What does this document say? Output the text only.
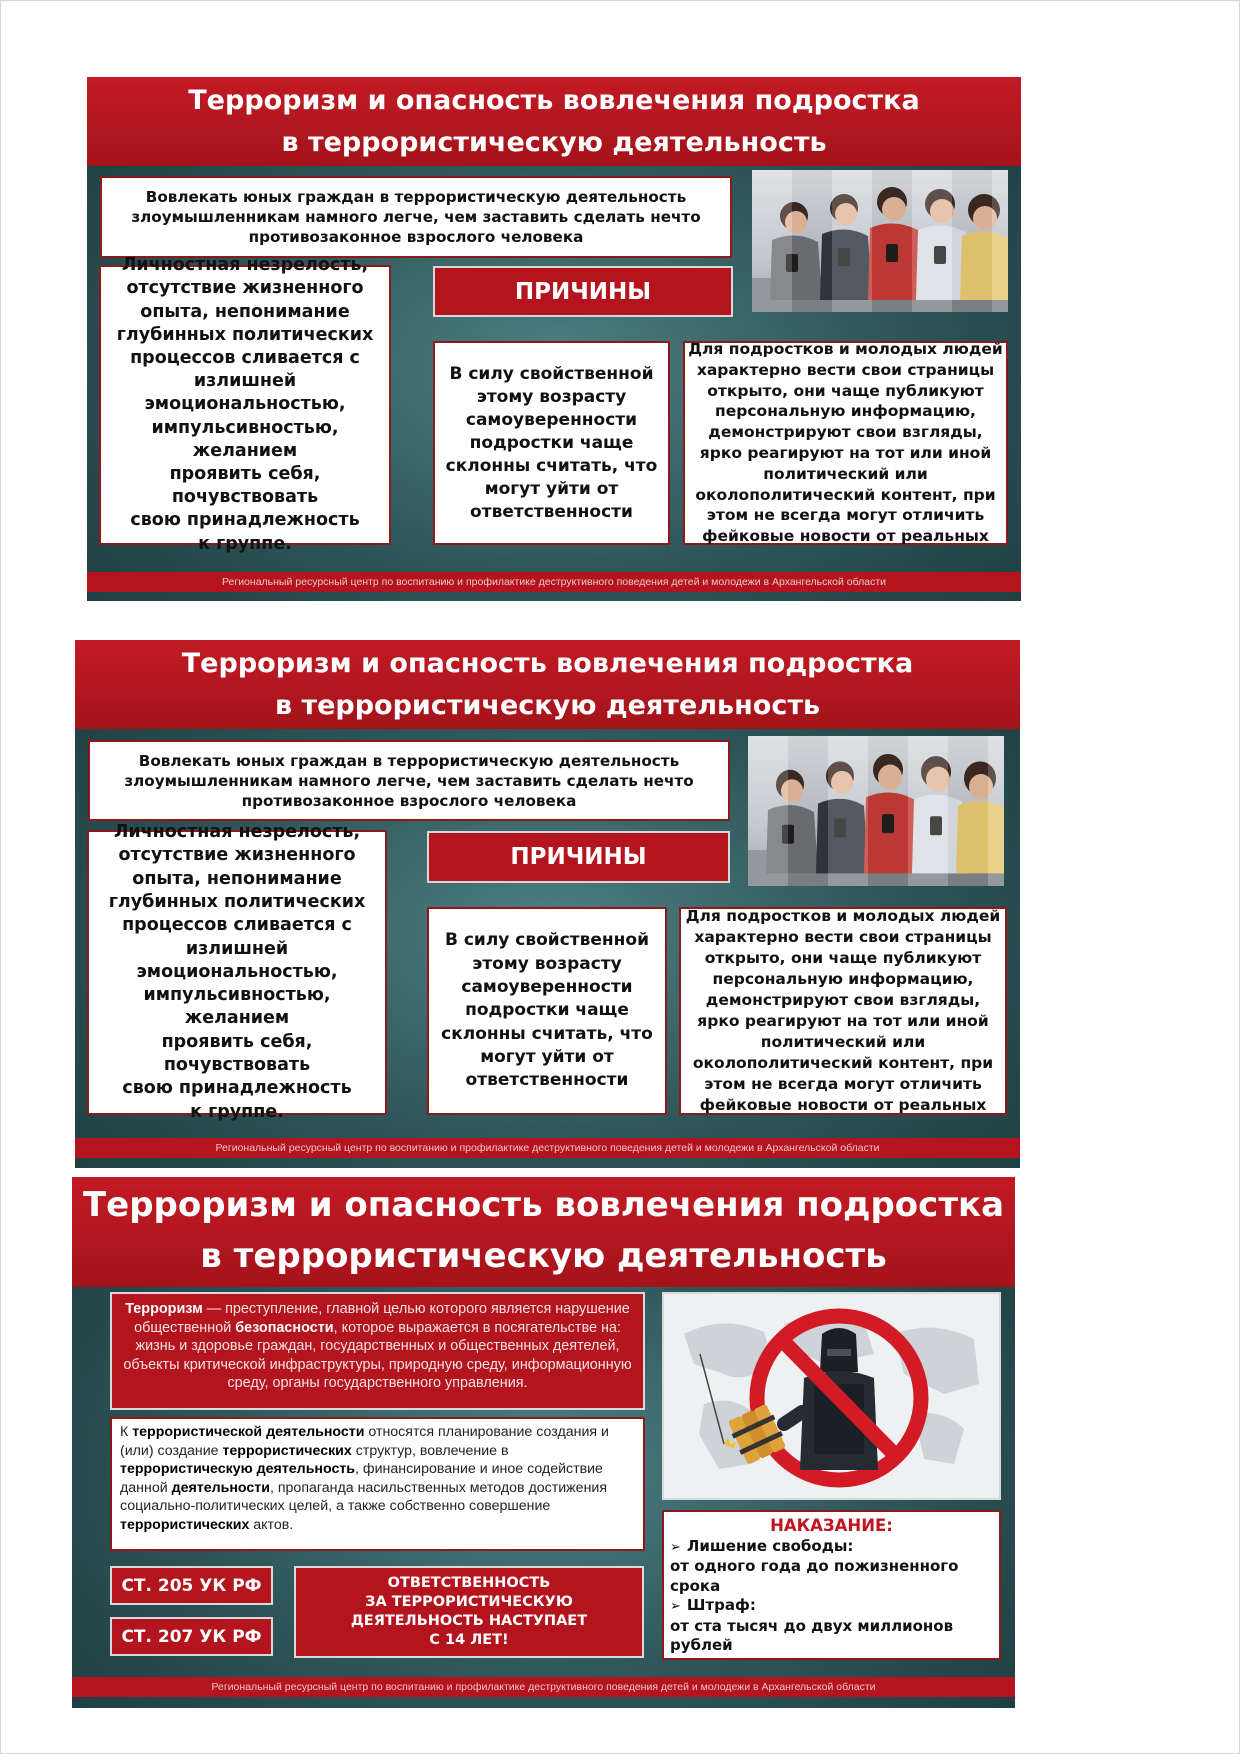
Терроризм и опасность вовлечения подростка
в террористическую деятельность
Вовлекать юных граждан в террористическую деятельность
злоумышленникам намного легче, чем заставить сделать нечто
противозаконное взрослого человека
Личностная незрелость,
отсутствие жизненного
опыта, непонимание
глубинных политических
процессов сливается с
излишней эмоциональностью,
импульсивностью, желанием
проявить себя, почувствовать
свою принадлежность
к группе.
ПРИЧИНЫ
В силу свойственной
этому возрасту
самоуверенности
подростки чаще
склонны считать, что
могут уйти от
ответственности
Для подростков и молодых людей
характерно вести свои страницы
открыто, они чаще публикуют
персональную информацию,
демонстрируют свои взгляды,
ярко реагируют на тот или иной
политический или
околополитический контент, при
этом не всегда могут отличить
фейковые новости от реальных
Региональный ресурсный центр по воспитанию и профилактике деструктивного поведения детей и молодежи в Архангельской области
Терроризм и опасность вовлечения подростка
в террористическую деятельность
Вовлекать юных граждан в террористическую деятельность
злоумышленникам намного легче, чем заставить сделать нечто
противозаконное взрослого человека
Личностная незрелость,
отсутствие жизненного
опыта, непонимание
глубинных политических
процессов сливается с
излишней эмоциональностью,
импульсивностью, желанием
проявить себя, почувствовать
свою принадлежность
к группе.
ПРИЧИНЫ
В силу свойственной
этому возрасту
самоуверенности
подростки чаще
склонны считать, что
могут уйти от
ответственности
Для подростков и молодых людей
характерно вести свои страницы
открыто, они чаще публикуют
персональную информацию,
демонстрируют свои взгляды,
ярко реагируют на тот или иной
политический или
околополитический контент, при
этом не всегда могут отличить
фейковые новости от реальных
Региональный ресурсный центр по воспитанию и профилактике деструктивного поведения детей и молодежи в Архангельской области
Терроризм и опасность вовлечения подростка
в террористическую деятельность
Терроризм — преступление, главной целью которого является нарушение общественной безопасности, которое выражается в посягательстве на: жизнь и здоровье граждан, государственных и общественных деятелей, объекты критической инфраструктуры, природную среду, информационную среду, органы государственного управления.
К террористической деятельности относятся планирование создания и (или) создание террористических структур, вовлечение в террористическую деятельность, финансирование и иное содействие данной деятельности, пропаганда насильственных методов достижения социально-политических целей, а также собственно совершение террористических актов.
СТ. 205 УК РФ
СТ. 207 УК РФ
ОТВЕТСТВЕННОСТЬ
ЗА ТЕРРОРИСТИЧЕСКУЮ
ДЕЯТЕЛЬНОСТЬ НАСТУПАЕТ
С 14 ЛЕТ!
НАКАЗАНИЕ:
➢ Лишение свободы:
от одного года до пожизненного срока
➢ Штраф:
от ста тысяч до двух миллионов рублей
Региональный ресурсный центр по воспитанию и профилактике деструктивного поведения детей и молодежи в Архангельской области
